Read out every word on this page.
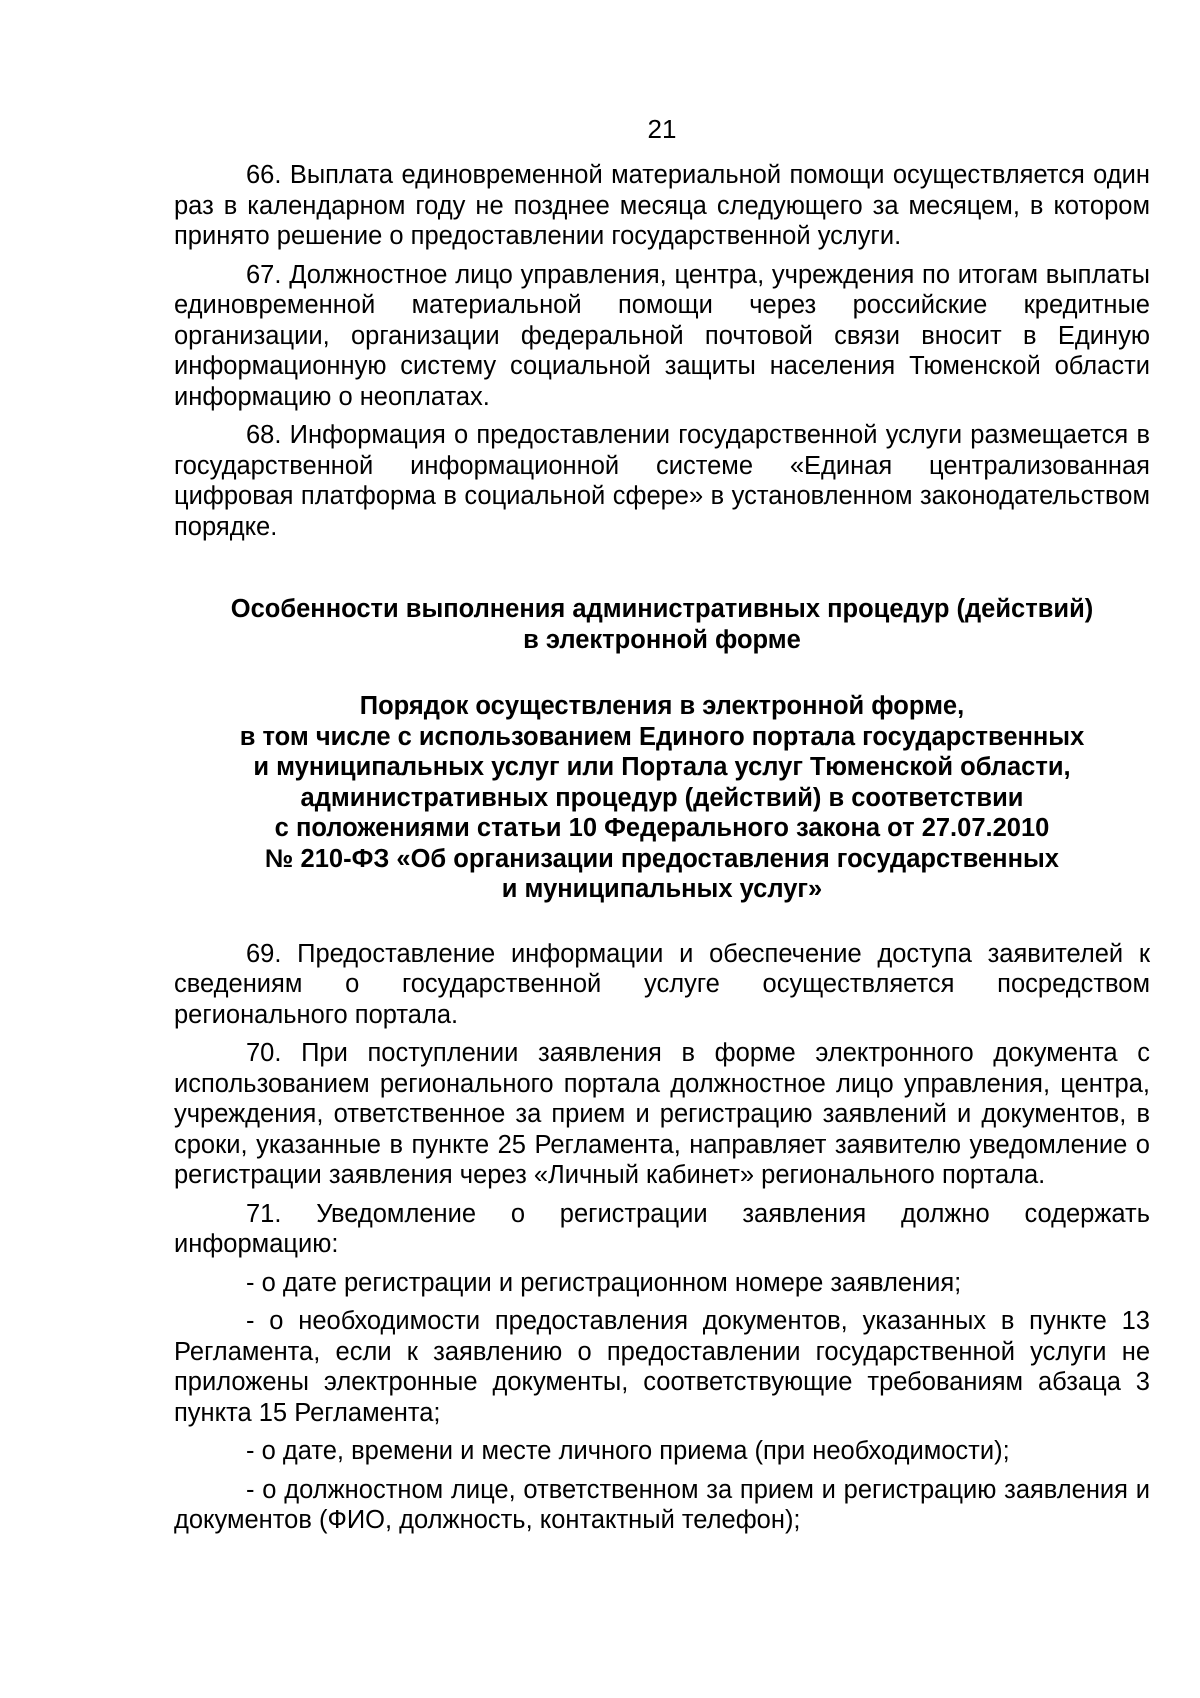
21

66. Выплата единовременной материальной помощи осуществляется один раз в календарном году не позднее месяца следующего за месяцем, в котором принято решение о предоставлении государственной услуги.

67. Должностное лицо управления, центра, учреждения по итогам выплаты единовременной материальной помощи через российские кредитные организации, организации федеральной почтовой связи вносит в Единую информационную систему социальной защиты населения Тюменской области информацию о неоплатах.

68. Информация о предоставлении государственной услуги размещается в государственной информационной системе «Единая централизованная цифровая платформа в социальной сфере» в установленном законодательством порядке.

Особенности выполнения административных процедур (действий)
в электронной форме
Порядок осуществления в электронной форме,
в том числе с использованием Единого портала государственных
и муниципальных услуг или Портала услуг Тюменской области,
административных процедур (действий) в соответствии
с положениями статьи 10 Федерального закона от 27.07.2010
№ 210-ФЗ «Об организации предоставления государственных
и муниципальных услуг»

69. Предоставление информации и обеспечение доступа заявителей к сведениям о государственной услуге осуществляется посредством регионального портала.

70. При поступлении заявления в форме электронного документа с использованием регионального портала должностное лицо управления, центра, учреждения, ответственное за прием и регистрацию заявлений и документов, в сроки, указанные в пункте 25 Регламента, направляет заявителю уведомление о регистрации заявления через «Личный кабинет» регионального портала.

71. Уведомление о регистрации заявления должно содержать информацию:

- о дате регистрации и регистрационном номере заявления;

- о необходимости предоставления документов, указанных в пункте 13 Регламента, если к заявлению о предоставлении государственной услуги не приложены электронные документы, соответствующие требованиям абзаца 3 пункта 15 Регламента;

- о дате, времени и месте личного приема (при необходимости);

- о должностном лице, ответственном за прием и регистрацию заявления и документов (ФИО, должность, контактный телефон);
